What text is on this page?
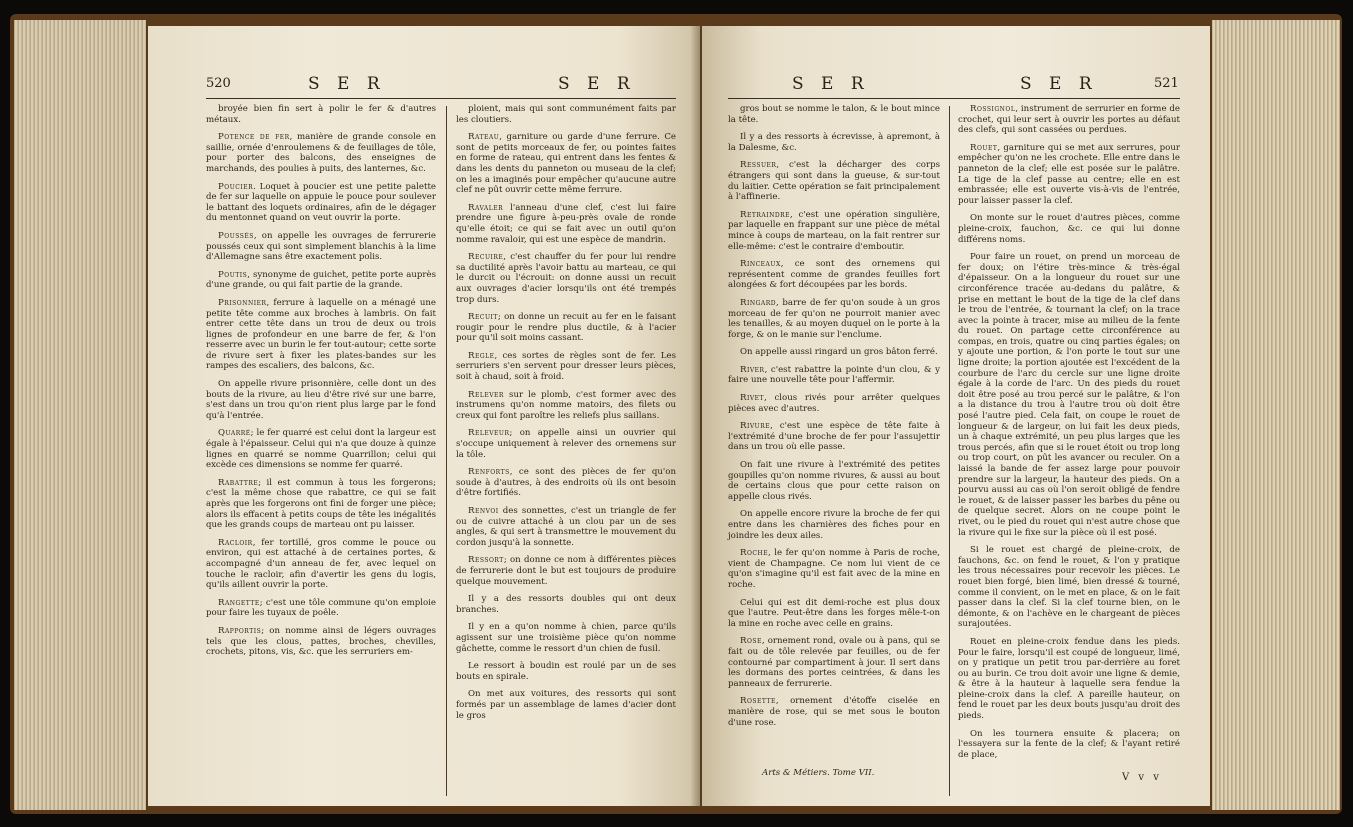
520	S E R	S E R

broyée bien fin sert à polir le fer & d'autres métaux.

Potence de fer, manière de grande console en saillie, ornée d'enroulemens & de feuillages de tôle, pour porter des balcons, des enseignes de marchands, des poulies à puits, des lanternes, &c.

Poucier. Loquet à poucier est une petite palette de fer sur laquelle on appuie le pouce pour soulever le battant des loquets ordinaires, afin de le dégager du mentonnet quand on veut ouvrir la porte.

Poussés, on appelle les ouvrages de ferrurerie poussés ceux qui sont simplement blanchis à la lime d'Allemagne sans être exactement polis.

Poutis, synonyme de guichet, petite porte auprès d'une grande, ou qui fait partie de la grande.

Prisonnier, ferrure à laquelle on a ménagé une petite tête comme aux broches à lambris. On fait entrer cette tête dans un trou de deux ou trois lignes de profondeur en une barre de fer, & l'on resserre avec un burin le fer tout-autour; cette sorte de rivure sert à fixer les plates-bandes sur les rampes des escaliers, des balcons, &c.

On appelle rivure prisonnière, celle dont un des bouts de la rivure, au lieu d'être rivé sur une barre, s'est dans un trou qu'on rient plus large par le fond qu'à l'entrée.

Quarré; le fer quarré est celui dont la largeur est égale à l'épaisseur. Celui qui n'a que douze à quinze lignes en quarré se nomme Quarrillon; celui qui excède ces dimensions se nomme fer quarré.

Rabattre; il est commun à tous les forgerons; c'est la même chose que rabattre, ce qui se fait après que les forgerons ont fini de forger une pièce; alors ils effacent à petits coups de tête les inégalités que les grands coups de marteau ont pu laisser.

Racloir, fer tortillé, gros comme le pouce ou environ, qui est attaché à de certaines portes, & accompagné d'un anneau de fer, avec lequel on touche le racloir, afin d'avertir les gens du logis, qu'ils aillent ouvrir la porte.

Rangette; c'est une tôle commune qu'on emploie pour faire les tuyaux de poêle.

Rapportis; on nomme ainsi de légers ouvrages tels que les clous, pattes, broches, chevilles, crochets, pitons, vis, &c. que les serruriers em-

ploient, mais qui sont communément faits par les cloutiers.

Rateau, garniture ou garde d'une ferrure. Ce sont de petits morceaux de fer, ou pointes faites en forme de rateau, qui entrent dans les fentes & dans les dents du panneton ou museau de la clef; on les a imaginés pour empêcher qu'aucune autre clef ne pût ouvrir cette même ferrure.

Ravaler l'anneau d'une clef, c'est lui faire prendre une figure à-peu-près ovale de ronde qu'elle étoit; ce qui se fait avec un outil qu'on nomme ravaloir, qui est une espèce de mandrin.

Recuire, c'est chauffer du fer pour lui rendre sa ductilité après l'avoir battu au marteau, ce qui le durcit ou l'écrouit: on donne aussi un recuit aux ouvrages d'acier lorsqu'ils ont été trempés trop durs.

Recuit; on donne un recuit au fer en le faisant rougir pour le rendre plus ductile, & à l'acier pour qu'il soit moins cassant.

Regle, ces sortes de règles sont de fer. Les serruriers s'en servent pour dresser leurs pièces, soit à chaud, soit à froid.

Relever sur le plomb, c'est former avec des instrumens qu'on nomme matoirs, des filets ou creux qui font paroître les reliefs plus saillans.

Releveur; on appelle ainsi un ouvrier qui s'occupe uniquement à relever des ornemens sur la tôle.

Renforts, ce sont des pièces de fer qu'on soude à d'autres, à des endroits où ils ont besoin d'être fortifiés.

Renvoi des sonnettes, c'est un triangle de fer ou de cuivre attaché à un clou par un de ses angles, & qui sert à transmettre le mouvement du cordon jusqu'à la sonnette.

Ressort; on donne ce nom à différentes pièces de ferrurerie dont le but est toujours de produire quelque mouvement.

Il y a des ressorts doubles qui ont deux branches.

Il y en a qu'on nomme à chien, parce qu'ils agissent sur une troisième pièce qu'on nomme gâchette, comme le ressort d'un chien de fusil.

Le ressort à boudin est roulé par un de ses bouts en spirale.

On met aux voitures, des ressorts qui sont formés par un assemblage de lames d'acier dont le gros

S E R	S E R	521

gros bout se nomme le talon, & le bout mince la tête.

Il y a des ressorts à écrevisse, à apremont, à la Dalesme, &c.

Ressuer, c'est la décharger des corps étrangers qui sont dans la gueuse, & sur-tout du laitier. Cette opération se fait principalement à l'affinerie.

Retraindre, c'est une opération singulière, par laquelle en frappant sur une pièce de métal mince à coups de marteau, on la fait rentrer sur elle-même: c'est le contraire d'emboutir.

Rinceaux, ce sont des ornemens qui représentent comme de grandes feuilles fort alongées & fort découpées par les bords.

Ringard, barre de fer qu'on soude à un gros morceau de fer qu'on ne pourroit manier avec les tenailles, & au moyen duquel on le porte à la forge, & on le manie sur l'enclume.

On appelle aussi ringard un gros bâton ferré.

River, c'est rabattre la pointe d'un clou, & y faire une nouvelle tête pour l'affermir.

Rivet, clous rivés pour arrêter quelques pièces avec d'autres.

Rivure, c'est une espèce de tête faite à l'extrémité d'une broche de fer pour l'assujettir dans un trou où elle passe.

On fait une rivure à l'extrémité des petites goupilles qu'on nomme rivures, & aussi au bout de certains clous que pour cette raison on appelle clous rivés.

On appelle encore rivure la broche de fer qui entre dans les charnières des fiches pour en joindre les deux ailes.

Roche, le fer qu'on nomme à Paris de roche, vient de Champagne. Ce nom lui vient de ce qu'on s'imagine qu'il est fait avec de la mine en roche.

Celui qui est dit demi-roche est plus doux que l'autre. Peut-être dans les forges mêle-t-on la mine en roche avec celle en grains.

Rose, ornement rond, ovale ou à pans, qui se fait ou de tôle relevée par feuilles, ou de fer contourné par compartiment à jour. Il sert dans les dormans des portes ceintrées, & dans les panneaux de ferrurerie.

Rosette, ornement d'étoffe ciselée en manière de rose, qui se met sous le bouton d'une rose.

Rossignol, instrument de serrurier en forme de crochet, qui leur sert à ouvrir les portes au défaut des clefs, qui sont cassées ou perdues.

Rouet, garniture qui se met aux serrures, pour empêcher qu'on ne les crochete. Elle entre dans le panneton de la clef; elle est posée sur le palâtre. La tige de la clef passe au centre; elle en est embrassée; elle est ouverte vis-à-vis de l'entrée, pour laisser passer la clef.

On monte sur le rouet d'autres pièces, comme pleine-croix, fauchon, &c. ce qui lui donne différens noms.

Pour faire un rouet, on prend un morceau de fer doux; on l'étire très-mince & très-égal d'épaisseur. On a la longueur du rouet sur une circonférence tracée au-dedans du palâtre, & prise en mettant le bout de la tige de la clef dans le trou de l'entrée, & tournant la clef; on la trace avec la pointe à tracer, mise au milieu de la fente du rouet. On partage cette circonférence au compas, en trois, quatre ou cinq parties égales; on y ajoute une portion, & l'on porte le tout sur une ligne droite; la portion ajoutée est l'excédent de la courbure de l'arc du cercle sur une ligne droite égale à la corde de l'arc. Un des pieds du rouet doit être posé au trou percé sur le palâtre, & l'on a la distance du trou à l'autre trou où doit être posé l'autre pied. Cela fait, on coupe le rouet de longueur & de largeur, on lui fait les deux pieds, un à chaque extrémité, un peu plus larges que les trous percés, afin que si le rouet étoit ou trop long ou trop court, on pût les avancer ou reculer. On a laissé la bande de fer assez large pour pouvoir prendre sur la largeur, la hauteur des pieds. On a pourvu aussi au cas où l'on seroit obligé de fendre le rouet, & de laisser passer les barbes du pêne ou de quelque secret. Alors on ne coupe point le rivet, ou le pied du rouet qui n'est autre chose que la rivure qui le fixe sur la pièce où il est posé.

Si le rouet est chargé de pleine-croix, de fauchons, &c. on fend le rouet, & l'on y pratique les trous nécessaires pour recevoir les pièces. Le rouet bien forgé, bien limé, bien dressé & tourné, comme il convient, on le met en place, & on le fait passer dans la clef. Si la clef tourne bien, on le démonte, & on l'achève en le chargeant de pièces surajoutées.

Rouet en pleine-croix fendue dans les pieds. Pour le faire, lorsqu'il est coupé de longueur, limé, on y pratique un petit trou par-derrière au foret ou au burin. Ce trou doit avoir une ligne & demie, & être à la hauteur à laquelle sera fendue la pleine-croix dans la clef. A pareille hauteur, on fend le rouet par les deux bouts jusqu'au droit des pieds.

On les tournera ensuite & placera; on l'essayera sur la fente de la clef; & l'ayant retiré de place,

Arts & Métiers. Tome VII.	V v v
